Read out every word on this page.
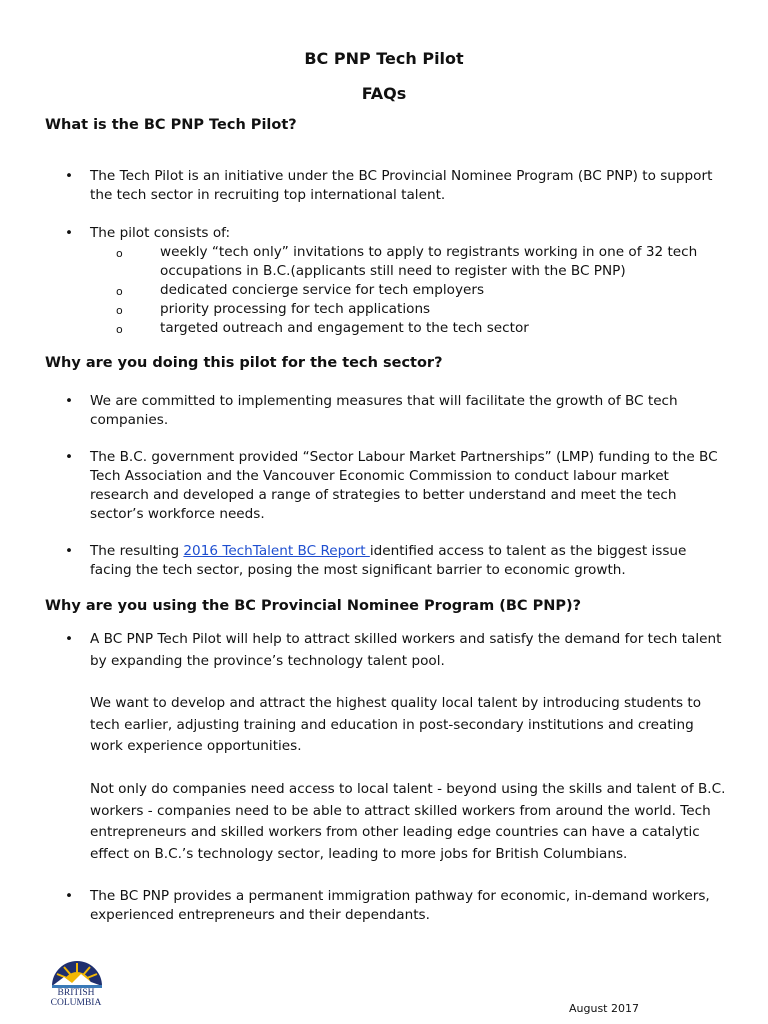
BC PNP Tech Pilot
FAQs
What is the BC PNP Tech Pilot?
• The Tech Pilot is an initiative under the BC Provincial Nominee Program (BC PNP) to support the tech sector in recruiting top international talent.
• The pilot consists of:
o weekly “tech only” invitations to apply to registrants working in one of 32 tech occupations in B.C.(applicants still need to register with the BC PNP)
o dedicated concierge service for tech employers
o priority processing for tech applications
o targeted outreach and engagement to the tech sector
Why are you doing this pilot for the tech sector?
• We are committed to implementing measures that will facilitate the growth of BC tech companies.
• The B.C. government provided “Sector Labour Market Partnerships” (LMP) funding to the BC Tech Association and the Vancouver Economic Commission to conduct labour market research and developed a range of strategies to better understand and meet the tech sector’s workforce needs.
• The resulting 2016 TechTalent BC Report identified access to talent as the biggest issue facing the tech sector, posing the most significant barrier to economic growth.
Why are you using the BC Provincial Nominee Program (BC PNP)?
• A BC PNP Tech Pilot will help to attract skilled workers and satisfy the demand for tech talent by expanding the province’s technology talent pool.

We want to develop and attract the highest quality local talent by introducing students to tech earlier, adjusting training and education in post-secondary institutions and creating work experience opportunities.

Not only do companies need access to local talent - beyond using the skills and talent of B.C. workers - companies need to be able to attract skilled workers from around the world. Tech entrepreneurs and skilled workers from other leading edge countries can have a catalytic effect on B.C.’s technology sector, leading to more jobs for British Columbians.

• The BC PNP provides a permanent immigration pathway for economic, in-demand workers, experienced entrepreneurs and their dependants.
BRITISH
COLUMBIA	August 2017
